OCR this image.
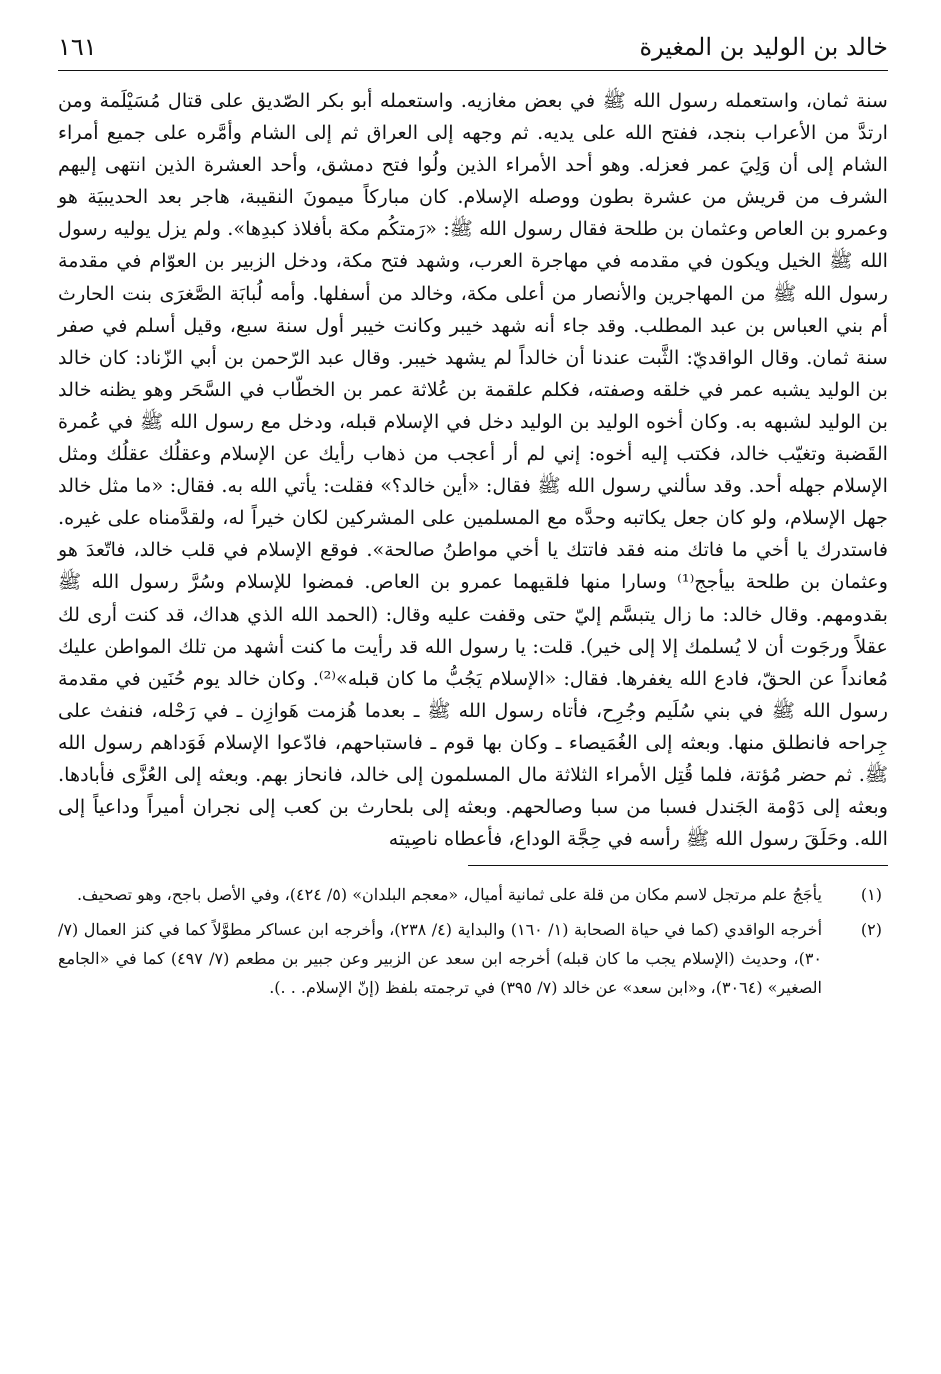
خالد بن الوليد بن المغيرة
١٦١

سنة ثمان، واستعمله رسول الله ﷺ في بعض مغازيه. واستعمله أبو بكر الصّديق على قتال مُسَيْلَمة ومن ارتدَّ من الأعراب بنجد، ففتح الله على يديه. ثم وجهه إلى العراق ثم إلى الشام وأمَّره على جميع أمراء الشام إلى أن وَلِيَ عمر فعزله. وهو أحد الأمراء الذين ولُوا فتح دمشق، وأحد العشرة الذين انتهى إليهم الشرف من قريش من عشرة بطون ووصله الإسلام. كان مباركاً ميمونَ النقيبة، هاجر بعد الحديبيَة هو وعمرو بن العاص وعثمان بن طلحة فقال رسول الله ﷺ: «رَمتكُم مكة بأفلاذ كبدِها». ولم يزل يوليه رسول الله ﷺ الخيل ويكون في مقدمه في مهاجرة العرب، وشهد فتح مكة، ودخل الزبير بن العوّام في مقدمة رسول الله ﷺ من المهاجرين والأنصار من أعلى مكة، وخالد من أسفلها. وأمه لُبابَة الصَّغرَى بنت الحارث أم بني العباس بن عبد المطلب. وقد جاء أنه شهد خيبر وكانت خيبر أول سنة سبع، وقيل أسلم في صفر سنة ثمان. وقال الواقديّ: الثَّبت عندنا أن خالداً لم يشهد خيبر. وقال عبد الرّحمن بن أبي الزّناد: كان خالد بن الوليد يشبه عمر في خلقه وصفته، فكلم علقمة بن عُلاثة عمر بن الخطّاب في السَّحَر وهو يظنه خالد بن الوليد لشبهه به. وكان أخوه الوليد بن الوليد دخل في الإسلام قبله، ودخل مع رسول الله ﷺ في عُمرة القَضبة وتغيّب خالد، فكتب إليه أخوه: إني لم أر أعجب من ذهاب رأيك عن الإسلام وعقلُك عقلُك ومثل الإسلام جهله أحد. وقد سألني رسول الله ﷺ فقال: «أين خالد؟» فقلت: يأتي الله به. فقال: «ما مثل خالد جهل الإسلام، ولو كان جعل يكاتبه وحدَّه مع المسلمين على المشركين لكان خيراً له، ولقدَّمناه على غيره. فاستدرك يا أخي ما فاتك منه فقد فاتتك يا أخي مواطنُ صالحة». فوقع الإسلام في قلب خالد، فاتّعدَ هو وعثمان بن طلحة بيأجج⁽¹⁾ وسارا منها فلقيهما عمرو بن العاص. فمضوا للإسلام وسُرَّ رسول الله ﷺ بقدومهم. وقال خالد: ما زال يتبسَّم إليّ حتى وقفت عليه وقال: (الحمد الله الذي هداك، قد كنت أرى لك عقلاً ورجَوت أن لا يُسلمك إلا إلى خير). قلت: يا رسول الله قد رأيت ما كنت أشهد من تلك المواطن عليك مُعانداً عن الحقّ، فادع الله يغفرها. فقال: «الإسلام يَجُبُّ ما كان قبله»⁽²⁾. وكان خالد يوم حُنَين في مقدمة رسول الله ﷺ في بني سُلَيم وجُرِح، فأتاه رسول الله ﷺ ـ بعدما هُزمت هَوازِن ـ في رَحْله، فنفث على جِراحه فانطلق منها. وبعثه إلى الغُمَيصاء ـ وكان بها قوم ـ فاستباحهم، فادّعوا الإسلام فَوَداهم رسول الله ﷺ. ثم حضر مُؤتة، فلما قُتِل الأمراء الثلاثة مال المسلمون إلى خالد، فانحاز بهم. وبعثه إلى العُزَّى فأبادها. وبعثه إلى دَوْمة الجَندل فسبا من سبا وصالحهم. وبعثه إلى بلحارث بن كعب إلى نجران أميراً وداعياً إلى الله. وحَلَقَ رسول الله ﷺ رأسه في حِجَّة الوداع، فأعطاه ناصِيته

(١)
يأجَجُ علم مرتجل لاسم مكان من قلة على ثمانية أميال، «معجم البلدان» (٥/ ٤٢٤)، وفي الأصل باجح، وهو تصحيف.
(٢)
أخرجه الواقدي (كما في حياة الصحابة (١/ ١٦٠) والبداية (٤/ ٢٣٨)، وأخرجه ابن عساكر مطوَّلاً كما في كنز العمال (٧/ ٣٠)، وحديث (الإسلام يجب ما كان قبله) أخرجه ابن سعد عن الزبير وعن جبير بن مطعم (٧/ ٤٩٧) كما في «الجامع الصغير» (٣٠٦٤)، و«ابن سعد» عن خالد (٧/ ٣٩٥) في ترجمته بلفظ (إنّ الإسلام. . .).
